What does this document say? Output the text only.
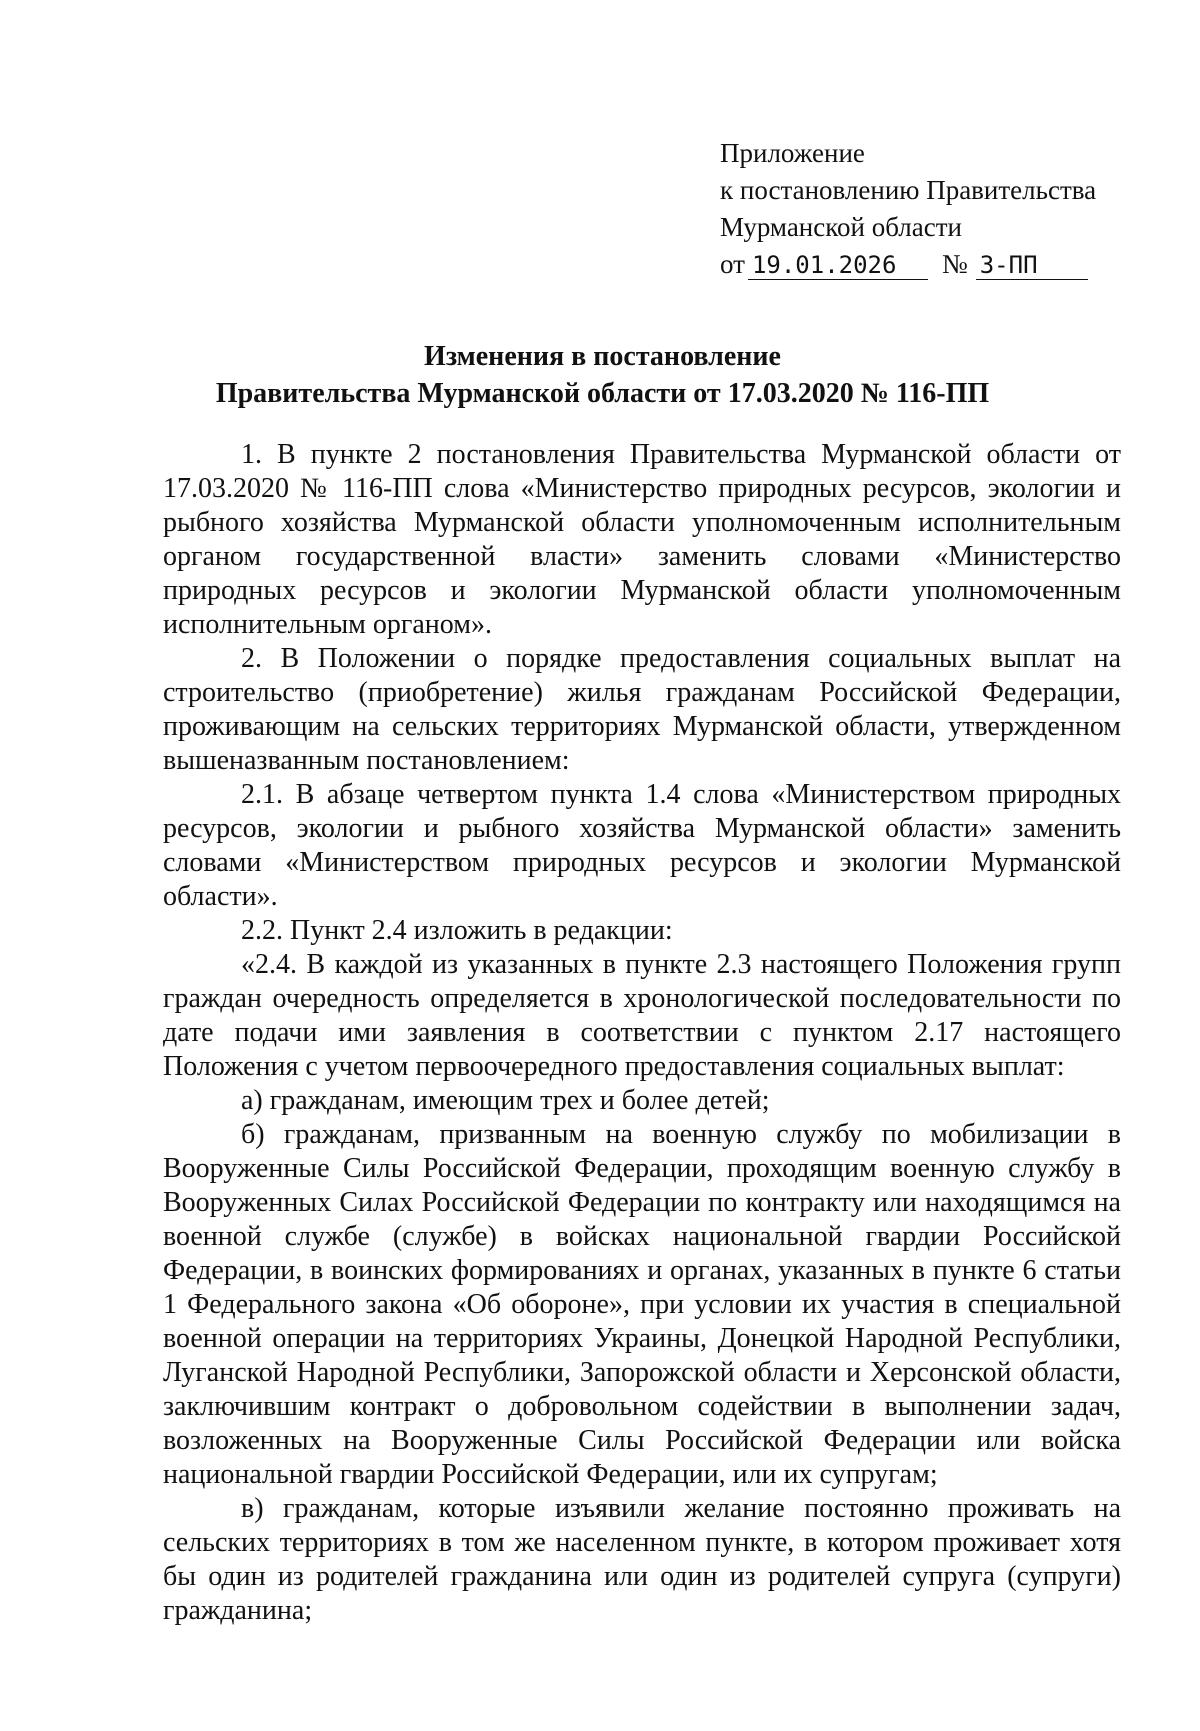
Приложение
к постановлению Правительства
Мурманской области
от 19.01.2026	№ 3-ПП
Изменения в постановление
Правительства Мурманской области от 17.03.2020 № 116-ПП

1. В пункте 2 постановления Правительства Мурманской области от 17.03.2020 № 116-ПП слова «Министерство природных ресурсов, экологии и рыбного хозяйства Мурманской области уполномоченным исполнительным органом государственной власти» заменить словами «Министерство природных ресурсов и экологии Мурманской области уполномоченным исполнительным органом».

2. В Положении о порядке предоставления социальных выплат на строительство (приобретение) жилья гражданам Российской Федерации, проживающим на сельских территориях Мурманской области, утвержденном вышеназванным постановлением:

2.1. В абзаце четвертом пункта 1.4 слова «Министерством природных ресурсов, экологии и рыбного хозяйства Мурманской области» заменить словами «Министерством природных ресурсов и экологии Мурманской области».

2.2. Пункт 2.4 изложить в редакции:

«2.4. В каждой из указанных в пункте 2.3 настоящего Положения групп граждан очередность определяется в хронологической последовательности по дате подачи ими заявления в соответствии с пунктом 2.17 настоящего Положения с учетом первоочередного предоставления социальных выплат:

а) гражданам, имеющим трех и более детей;

б) гражданам, призванным на военную службу по мобилизации в Вооруженные Силы Российской Федерации, проходящим военную службу в Вооруженных Силах Российской Федерации по контракту или находящимся на военной службе (службе) в войсках национальной гвардии Российской Федерации, в воинских формированиях и органах, указанных в пункте 6 статьи 1 Федерального закона «Об обороне», при условии их участия в специальной военной операции на территориях Украины, Донецкой Народной Республики, Луганской Народной Республики, Запорожской области и Херсонской области, заключившим контракт о добровольном содействии в выполнении задач, возложенных на Вооруженные Силы Российской Федерации или войска национальной гвардии Российской Федерации, или их супругам;

в) гражданам, которые изъявили желание постоянно проживать на сельских территориях в том же населенном пункте, в котором проживает хотя бы один из родителей гражданина или один из родителей супруга (супруги) гражданина;
